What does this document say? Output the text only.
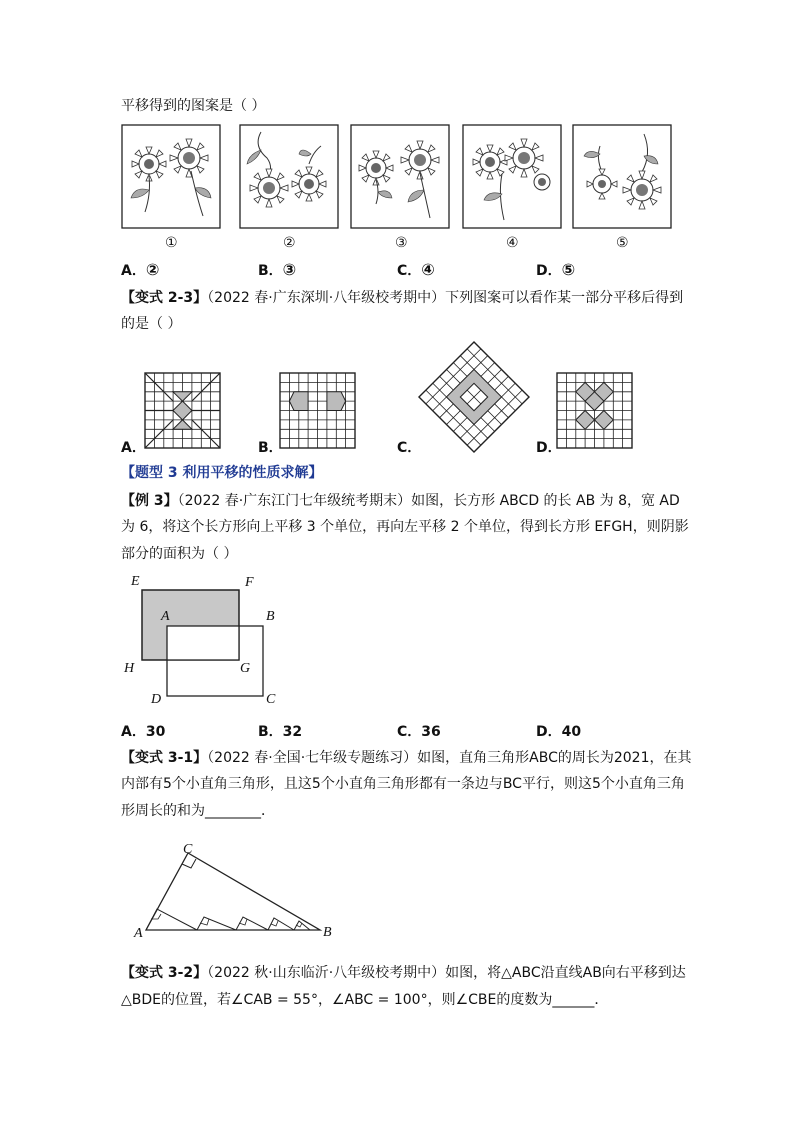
平移得到的图案是（ ）
①	②	③	④	⑤
A．②	B．③	C．④	D．⑤
【变式 2-3】（2022 春·广东深圳·八年级校考期中）下列图案可以看作某一部分平移后得到
的是（ ）
A．	B．	C．	D．
【题型 3 利用平移的性质求解】
【例 3】（2022 春·广东江门七年级统考期末）如图，长方形 ABCD 的长 AB 为 8，宽 AD
为 6，将这个长方形向上平移 3 个单位，再向左平移 2 个单位，得到长方形 EFGH，则阴影
部分的面积为（ ）
E	F
A	B
H	G
D	C
A．30	B．32	C．36	D．40
【变式 3-1】（2022 春·全国·七年级专题练习）如图，直角三角形ABC的周长为2021，在其
内部有5个小直角三角形，且这5个小直角三角形都有一条边与BC平行，则这5个小直角三角
形周长的和为________．
C
A	B
【变式 3-2】（2022 秋·山东临沂·八年级校考期中）如图，将△ABC沿直线AB向右平移到达
△BDE的位置，若∠CAB = 55°，∠ABC = 100°，则∠CBE的度数为______．
